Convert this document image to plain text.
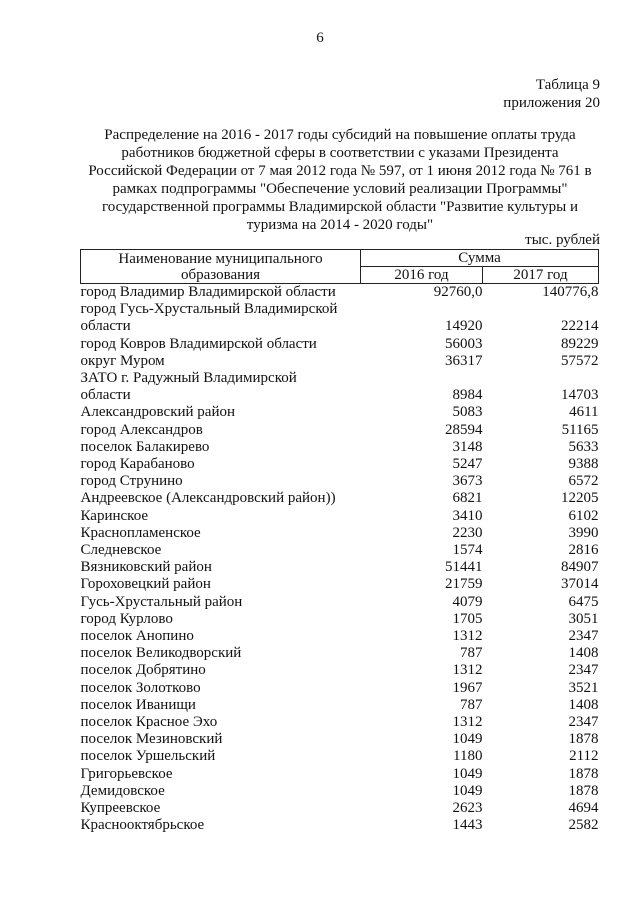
6
Таблица 9
приложения 20
Распределение на 2016 - 2017 годы субсидий на повышение оплаты труда
работников бюджетной сферы в соответствии с указами Президента
Российской Федерации от 7 мая 2012 года № 597, от 1 июня 2012 года № 761 в
рамках подпрограммы "Обеспечение условий реализации Программы"
государственной программы Владимирской области "Развитие культуры и
туризма на 2014 - 2020 годы"
тыс. рублей
Наименование муниципального
образования	Сумма	
	2016 год	2017 год
город Владимир Владимирской области	92760,0	140776,8
город Гусь-Хрустальный Владимирской		
области	14920	22214
город Ковров Владимирской области	56003	89229
округ Муром	36317	57572
ЗАТО г. Радужный Владимирской		
области	8984	14703
Александровский район	5083	4611
город Александров	28594	51165
поселок Балакирево	3148	5633
город Карабаново	5247	9388
город Струнино	3673	6572
Андреевское (Александровский район))	6821	12205
Каринское	3410	6102
Краснопламенское	2230	3990
Следневское	1574	2816
Вязниковский район	51441	84907
Гороховецкий район	21759	37014
Гусь-Хрустальный район	4079	6475
город Курлово	1705	3051
поселок Анопино	1312	2347
поселок Великодворский	787	1408
поселок Добрятино	1312	2347
поселок Золотково	1967	3521
поселок Иванищи	787	1408
поселок Красное Эхо	1312	2347
поселок Мезиновский	1049	1878
поселок Уршельский	1180	2112
Григорьевское	1049	1878
Демидовское	1049	1878
Купреевское	2623	4694
Краснооктябрьское	1443	2582
